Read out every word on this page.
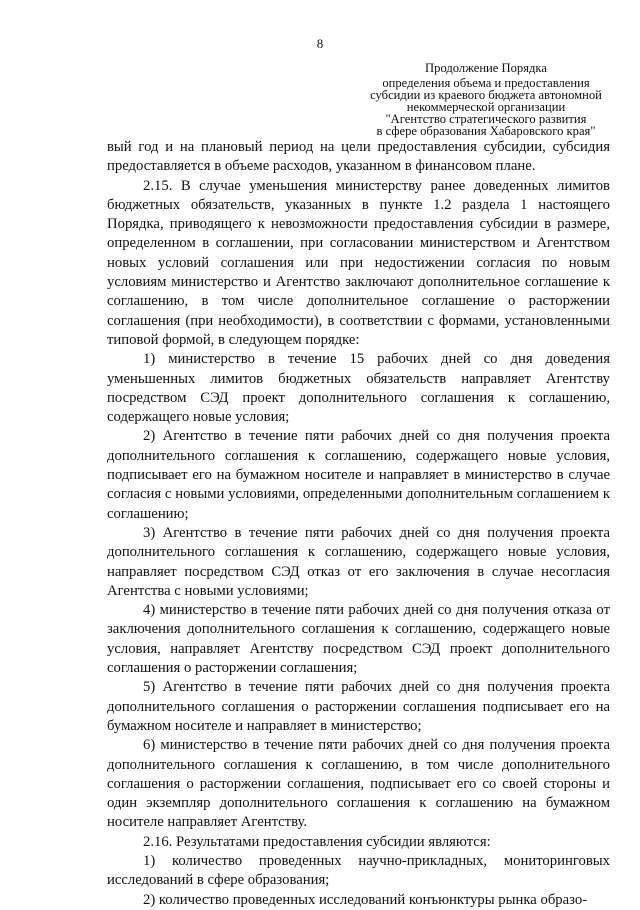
8
Продолжение Порядка
определения объема и предоставления
субсидии из краевого бюджета автономной
некоммерческой организации
"Агентство стратегического развития
в сфере образования Хабаровского края"

вый год и на плановый период на цели предоставления субсидии, субсидия предоставляется в объеме расходов, указанном в финансовом плане.

2.15. В случае уменьшения министерству ранее доведенных лимитов бюджетных обязательств, указанных в пункте 1.2 раздела 1 настоящего Порядка, приводящего к невозможности предоставления субсидии в размере, определенном в соглашении, при согласовании министерством и Агентством новых условий соглашения или при недостижении согласия по новым условиям министерство и Агентство заключают дополнительное соглашение к соглашению, в том числе дополнительное соглашение о расторжении соглашения (при необходимости), в соответствии с формами, установленными типовой формой, в следующем порядке:

1) министерство в течение 15 рабочих дней со дня доведения уменьшенных лимитов бюджетных обязательств направляет Агентству посредством СЭД проект дополнительного соглашения к соглашению, содержащего новые условия;

2) Агентство в течение пяти рабочих дней со дня получения проекта дополнительного соглашения к соглашению, содержащего новые условия, подписывает его на бумажном носителе и направляет в министерство в случае согласия с новыми условиями, определенными дополнительным соглашением к соглашению;

3) Агентство в течение пяти рабочих дней со дня получения проекта дополнительного соглашения к соглашению, содержащего новые условия, направляет посредством СЭД отказ от его заключения в случае несогласия Агентства с новыми условиями;

4) министерство в течение пяти рабочих дней со дня получения отказа от заключения дополнительного соглашения к соглашению, содержащего новые условия, направляет Агентству посредством СЭД проект дополнительного соглашения о расторжении соглашения;

5) Агентство в течение пяти рабочих дней со дня получения проекта дополнительного соглашения о расторжении соглашения подписывает его на бумажном носителе и направляет в министерство;

6) министерство в течение пяти рабочих дней со дня получения проекта дополнительного соглашения к соглашению, в том числе дополнительного соглашения о расторжении соглашения, подписывает его со своей стороны и один экземпляр дополнительного соглашения к соглашению на бумажном носителе направляет Агентству.

2.16. Результатами предоставления субсидии являются:

1) количество проведенных научно-прикладных, мониторинговых исследований в сфере образования;

2) количество проведенных исследований конъюнктуры рынка образо-
